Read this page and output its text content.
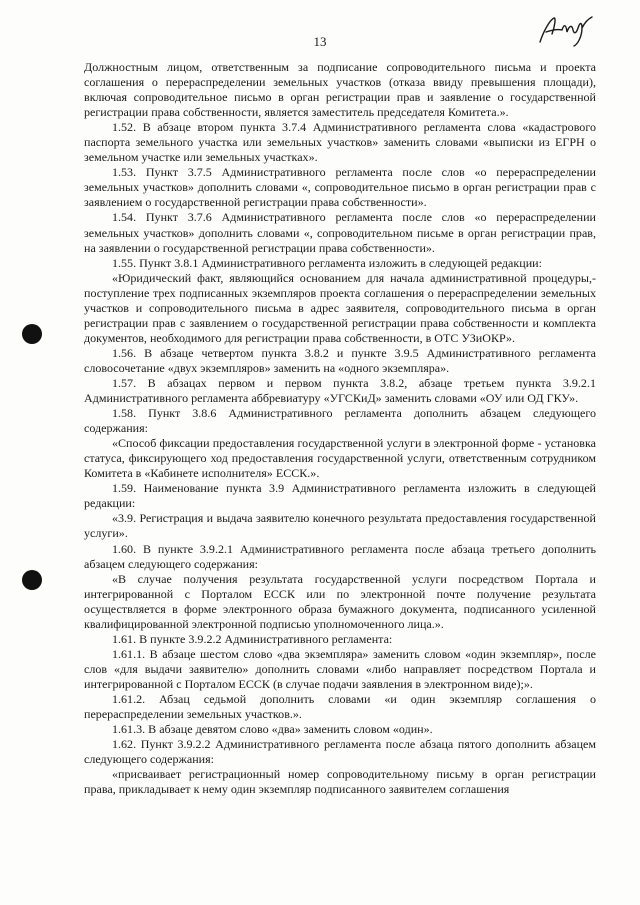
13

Должностным лицом, ответственным за подписание сопроводительного письма и проекта соглашения о перераспределении земельных участков (отказа ввиду превышения площади), включая сопроводительное письмо в орган регистрации прав и заявление о государственной регистрации права собственности, является заместитель председателя Комитета.».

1.52. В абзаце втором пункта 3.7.4 Административного регламента слова «кадастрового паспорта земельного участка или земельных участков» заменить словами «выписки из ЕГРН о земельном участке или земельных участках».

1.53. Пункт 3.7.5 Административного регламента после слов «о перераспределении земельных участков» дополнить словами «, сопроводительное письмо в орган регистрации прав с заявлением о государственной регистрации права собственности».

1.54. Пункт 3.7.6 Административного регламента после слов «о перераспределении земельных участков» дополнить словами «, сопроводительном письме в орган регистрации прав, на заявлении о государственной регистрации права собственности».

1.55. Пункт 3.8.1 Административного регламента изложить в следующей редакции:

«Юридический факт, являющийся основанием для начала административной процедуры,- поступление трех подписанных экземпляров проекта соглашения о перераспределении земельных участков и сопроводительного письма в адрес заявителя, сопроводительного письма в орган регистрации прав с заявлением о государственной регистрации права собственности и комплекта документов, необходимого для регистрации права собственности, в ОТС УЗиОКР».

1.56. В абзаце четвертом пункта 3.8.2 и пункте 3.9.5 Административного регламента словосочетание «двух экземпляров» заменить на «одного экземпляра».

1.57. В абзацах первом и первом пункта 3.8.2, абзаце третьем пункта 3.9.2.1 Административного регламента аббревиатуру «УГСКиД» заменить словами «ОУ или ОД ГКУ».

1.58. Пункт 3.8.6 Административного регламента дополнить абзацем следующего содержания:

«Способ фиксации предоставления государственной услуги в электронной форме - установка статуса, фиксирующего ход предоставления государственной услуги, ответственным сотрудником Комитета в «Кабинете исполнителя» ЕССК.».

1.59. Наименование пункта 3.9 Административного регламента изложить в следующей редакции:

«3.9. Регистрация и выдача заявителю конечного результата предоставления государственной услуги».

1.60. В пункте 3.9.2.1 Административного регламента после абзаца третьего дополнить абзацем следующего содержания:

«В случае получения результата государственной услуги посредством Портала и интегрированной с Порталом ЕССК или по электронной почте получение результата осуществляется в форме электронного образа бумажного документа, подписанного усиленной квалифицированной электронной подписью уполномоченного лица.».

1.61. В пункте 3.9.2.2 Административного регламента:

1.61.1. В абзаце шестом слово «два экземпляра» заменить словом «один экземпляр», после слов «для выдачи заявителю» дополнить словами «либо направляет посредством Портала и интегрированной с Порталом ЕССК (в случае подачи заявления в электронном виде);».

1.61.2. Абзац седьмой дополнить словами «и один экземпляр соглашения о перераспределении земельных участков.».

1.61.3. В абзаце девятом слово «два» заменить словом «один».

1.62. Пункт 3.9.2.2 Административного регламента после абзаца пятого дополнить абзацем следующего содержания:

«присваивает регистрационный номер сопроводительному письму в орган регистрации права, прикладывает к нему один экземпляр подписанного заявителем соглашения
